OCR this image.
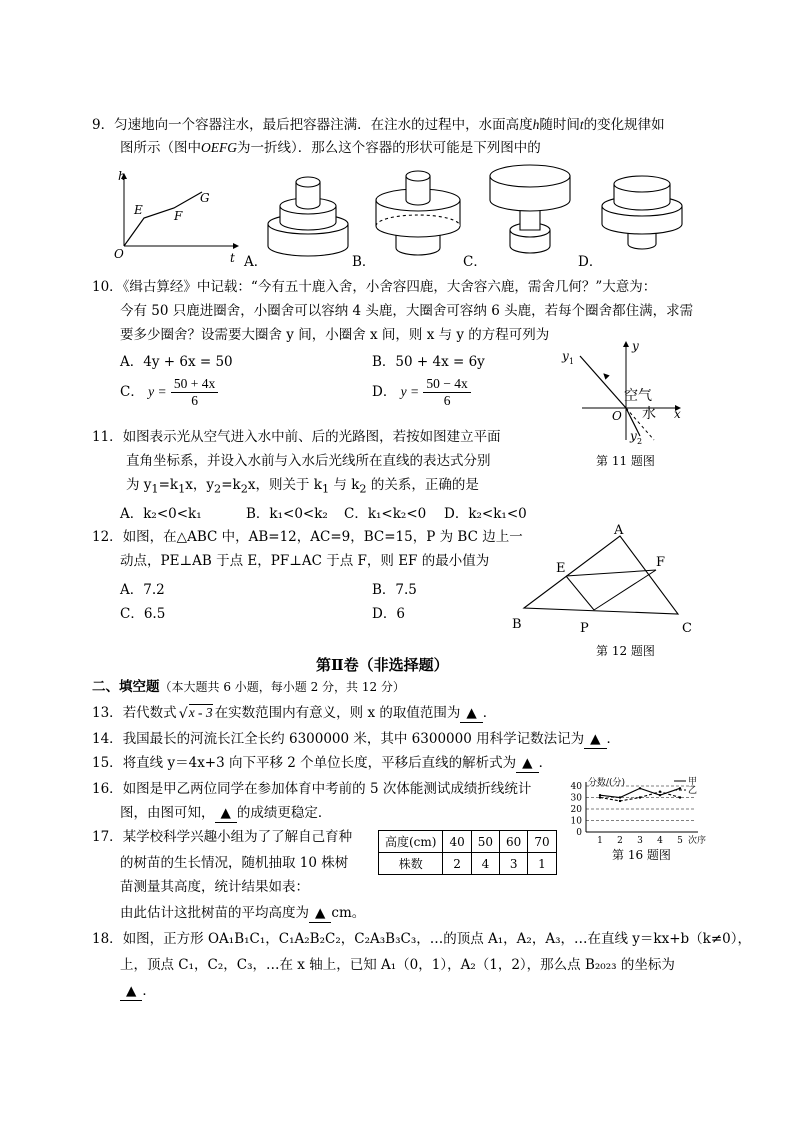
9．匀速地向一个容器注水，最后把容器注满．在注水的过程中，水面高度h随时间t的变化规律如
图所示（图中OEFG为一折线）．那么这个容器的形状可能是下列图中的
h
t
O
E	F
G
A．	B．	C．	D．
10．《缉古算经》中记载：“今有五十鹿入舍，小舍容四鹿，大舍容六鹿，需舍几何？”大意为：
今有 50 只鹿进圈舍，小圈舍可以容纳 4 头鹿，大圈舍可容纳 6 头鹿，若每个圈舍都住满，求需
要多少圈舍？设需要大圈舍 y 间，小圈舍 x 间，则 x 与 y 的方程可列为
A．4y + 6x = 50	B．50 + 4x = 6y
C． $y = \frac{50 + 4x}{6}$	D． $y = \frac{50 - 4x}{6}$
y 1
y
x
O
y 2
空气
水
第 11 题图
11．如图表示光从空气进入水中前、后的光路图，若按如图建立平面
直角坐标系，并设入水前与入水后光线所在直线的表达式分别
为 $y_1=k_1x$，$y_2=k_2x$，则关于 $k_1$ 与 $k_2$ 的关系，正确的是
A．k₂<0<k₁	B．k₁<0<k₂ C．k₁<k₂<0 D．k₂<k₁<0
12．如图，在△ABC 中，AB=12，AC=9，BC=15，P 为 BC 边上一
动点，PE⊥AB 于点 E，PF⊥AC 于点 F，则 EF 的最小值为
A．7.2	B．7.5
C．6.5	D．6
A
B	C
E	F
P
第 12 题图
第Ⅱ卷（非选择题）
二、填空题（本大题共 6 小题，每小题 2 分，共 12 分）
13．若代数式 √ x - 3 在实数范围内有意义，则 x 的取值范围为 ▲ ．
14．我国最长的河流长江全长约 6300000 米，其中 6300000 用科学记数法记为 ▲ ．
15．将直线 y＝4x+3 向下平移 2 个单位长度，平移后直线的解析式为 ▲ ．
16．如图是甲乙两位同学在参加体育中考前的 5 次体能测试成绩折线统计
图，由图可知， ▲ 的成绩更稳定．
0
10
20
30
40
1 2 3 4 5
分数/(分)
次序
甲
乙
第 16 题图
17．某学校科学兴趣小组为了了解自己育种
的树苗的生长情况，随机抽取 10 株树
苗测量其高度，统计结果如表：
由此估计这批树苗的平均高度为 ▲ cm。
高度(cm)	40	50	60	70
株数	2	4	3	1
18．如图，正方形 OA₁B₁C₁，C₁A₂B₂C₂，C₂A₃B₃C₃，…的顶点 A₁，A₂，A₃，…在直线 y＝kx+b（k≠0），
上，顶点 C₁，C₂，C₃，…在 x 轴上，已知 A₁（0，1），A₂（1，2），那么点 B₂₀₂₃ 的坐标为
▲ ．
